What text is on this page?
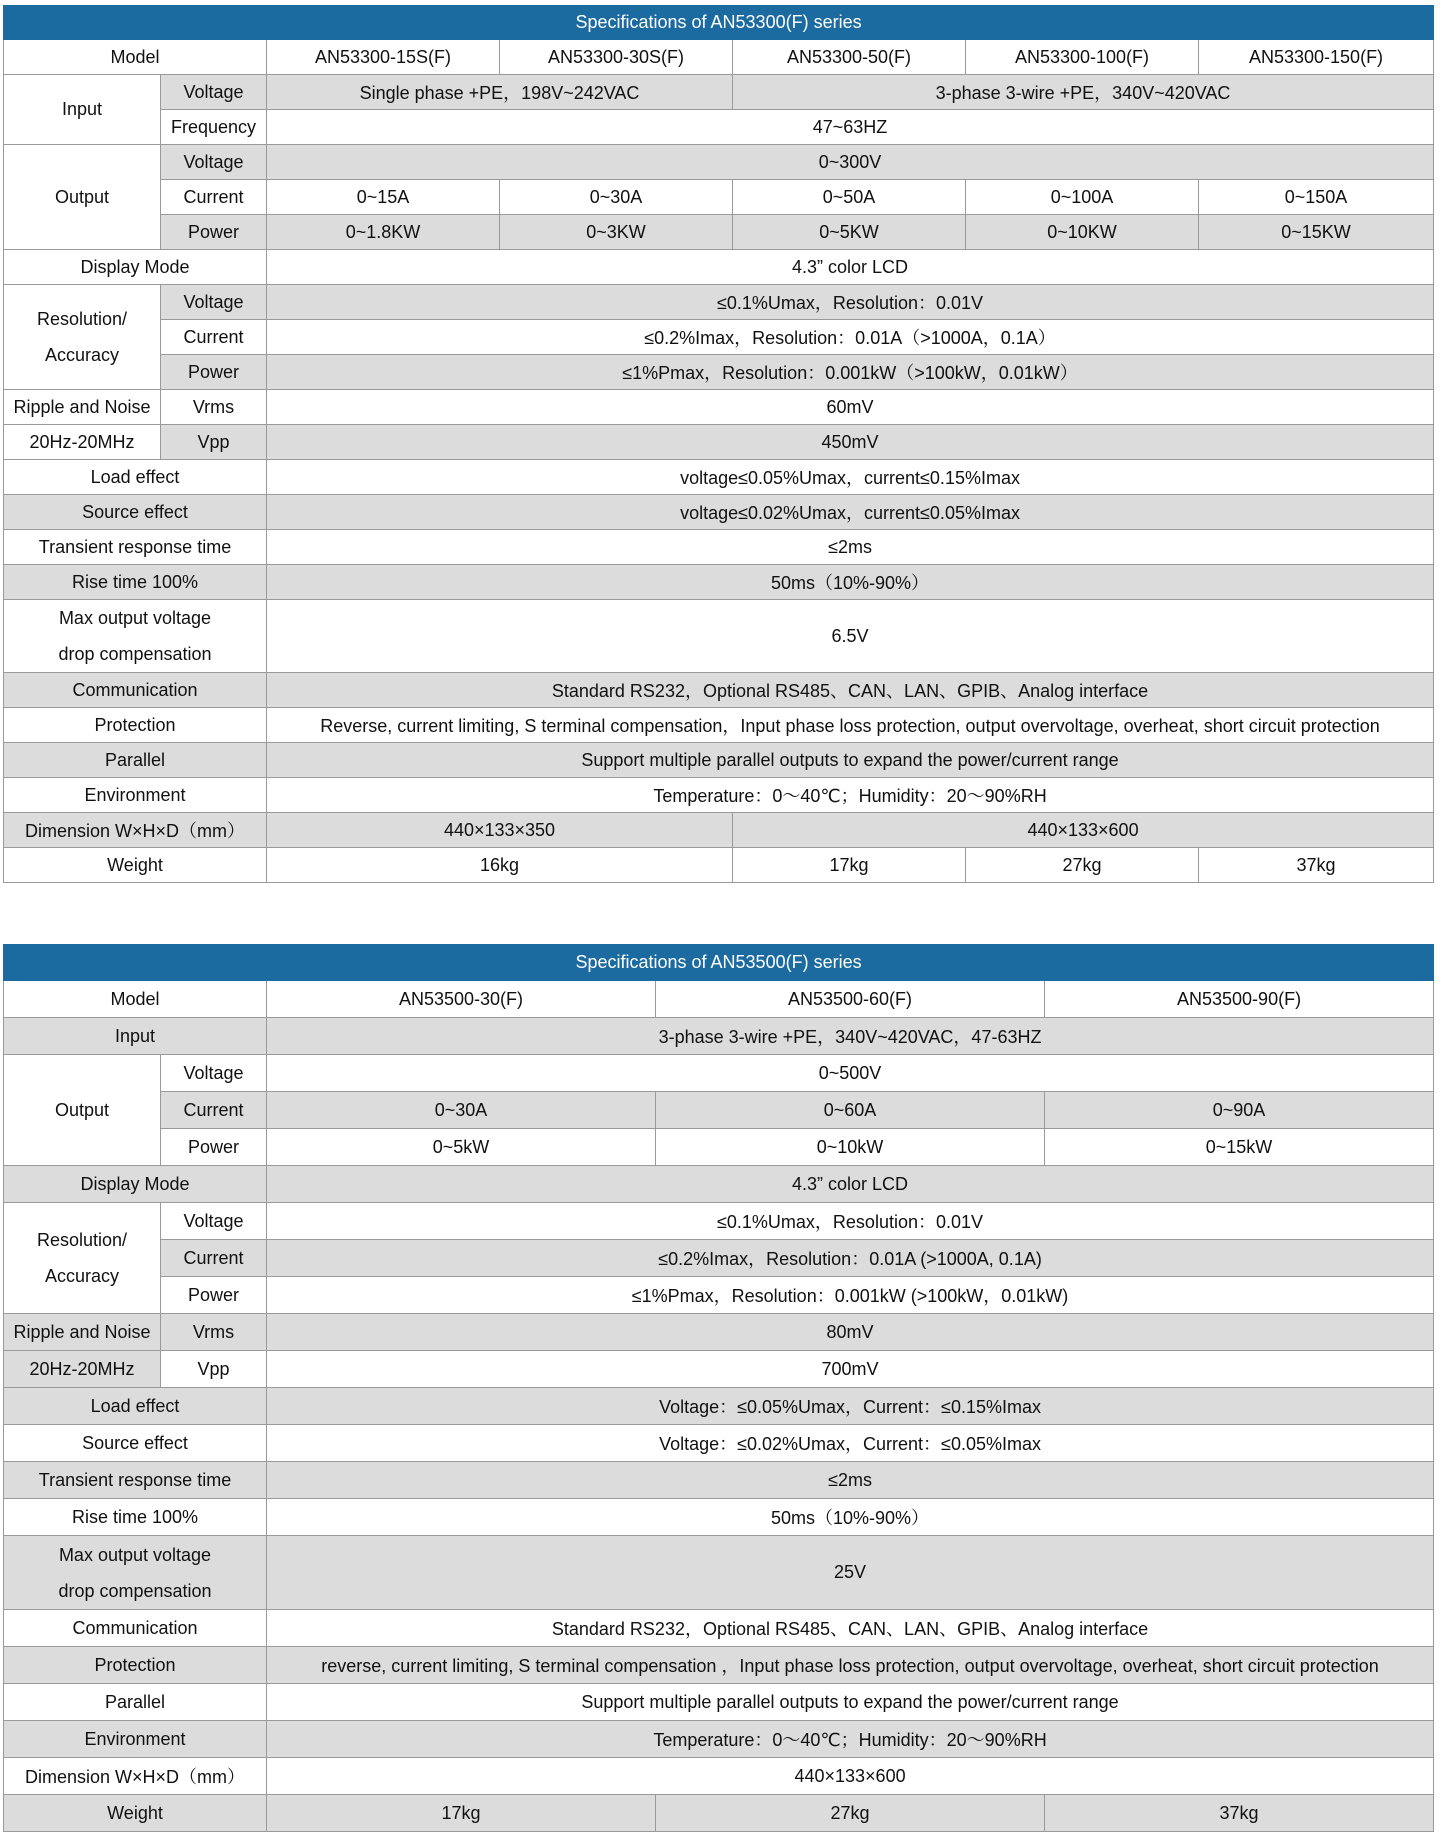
Specifications of AN53300(F) series						
Model		AN53300-15S(F)	AN53300-30S(F)	AN53300-50(F)	AN53300-100(F)	AN53300-150(F)
Input	Voltage	Single phase +PE，198V~242VAC		3-phase 3-wire +PE，340V~420VAC		
	Frequency	47~63HZ				
Output	Voltage	0~300V				
	Current	0~15A	0~30A	0~50A	0~100A	0~150A
	Power	0~1.8KW	0~3KW	0~5KW	0~10KW	0~15KW
Display Mode		4.3” color LCD				
Resolution/
Accuracy	Voltage	≤0.1%Umax，Resolution：0.01V				
	Current	≤0.2%Imax，Resolution：0.01A（>1000A，0.1A）				
	Power	≤1%Pmax，Resolution：0.001kW（>100kW，0.01kW）				
Ripple and Noise	Vrms	60mV				
20Hz-20MHz	Vpp	450mV				
Load effect		voltage≤0.05%Umax，current≤0.15%Imax				
Source effect		voltage≤0.02%Umax，current≤0.05%Imax				
Transient response time		≤2ms				
Rise time 100%		50ms（10%-90%）				
Max output voltage
drop compensation		6.5V				
Communication		Standard RS232，Optional RS485、CAN、LAN、GPIB、Analog interface				
Protection		Reverse, current limiting, S terminal compensation，Input phase loss protection, output overvoltage, overheat, short circuit protection				
Parallel		Support multiple parallel outputs to expand the power/current range				
Environment		Temperature：0～40℃；Humidity：20～90%RH				
Dimension W×H×D（mm）		440×133×350		440×133×600		
Weight		16kg		17kg	27kg	37kg
Specifications of AN53500(F) series				
Model		AN53500-30(F)	AN53500-60(F)	AN53500-90(F)
Input		3-phase 3-wire +PE，340V~420VAC，47-63HZ		
Output	Voltage	0~500V		
	Current	0~30A	0~60A	0~90A
	Power	0~5kW	0~10kW	0~15kW
Display Mode		4.3” color LCD		
Resolution/
Accuracy	Voltage	≤0.1%Umax，Resolution：0.01V		
	Current	≤0.2%Imax，Resolution：0.01A (>1000A, 0.1A)		
	Power	≤1%Pmax，Resolution：0.001kW (>100kW，0.01kW)		
Ripple and Noise	Vrms	80mV		
20Hz-20MHz	Vpp	700mV		
Load effect		Voltage：≤0.05%Umax，Current：≤0.15%Imax		
Source effect		Voltage：≤0.02%Umax，Current：≤0.05%Imax		
Transient response time		≤2ms		
Rise time 100%		50ms（10%-90%）		
Max output voltage
drop compensation		25V		
Communication		Standard RS232，Optional RS485、CAN、LAN、GPIB、Analog interface		
Protection		reverse, current limiting, S terminal compensation ，Input phase loss protection, output overvoltage, overheat, short circuit protection		
Parallel		Support multiple parallel outputs to expand the power/current range		
Environment		Temperature：0～40℃；Humidity：20～90%RH		
Dimension W×H×D（mm）		440×133×600		
Weight		17kg	27kg	37kg
